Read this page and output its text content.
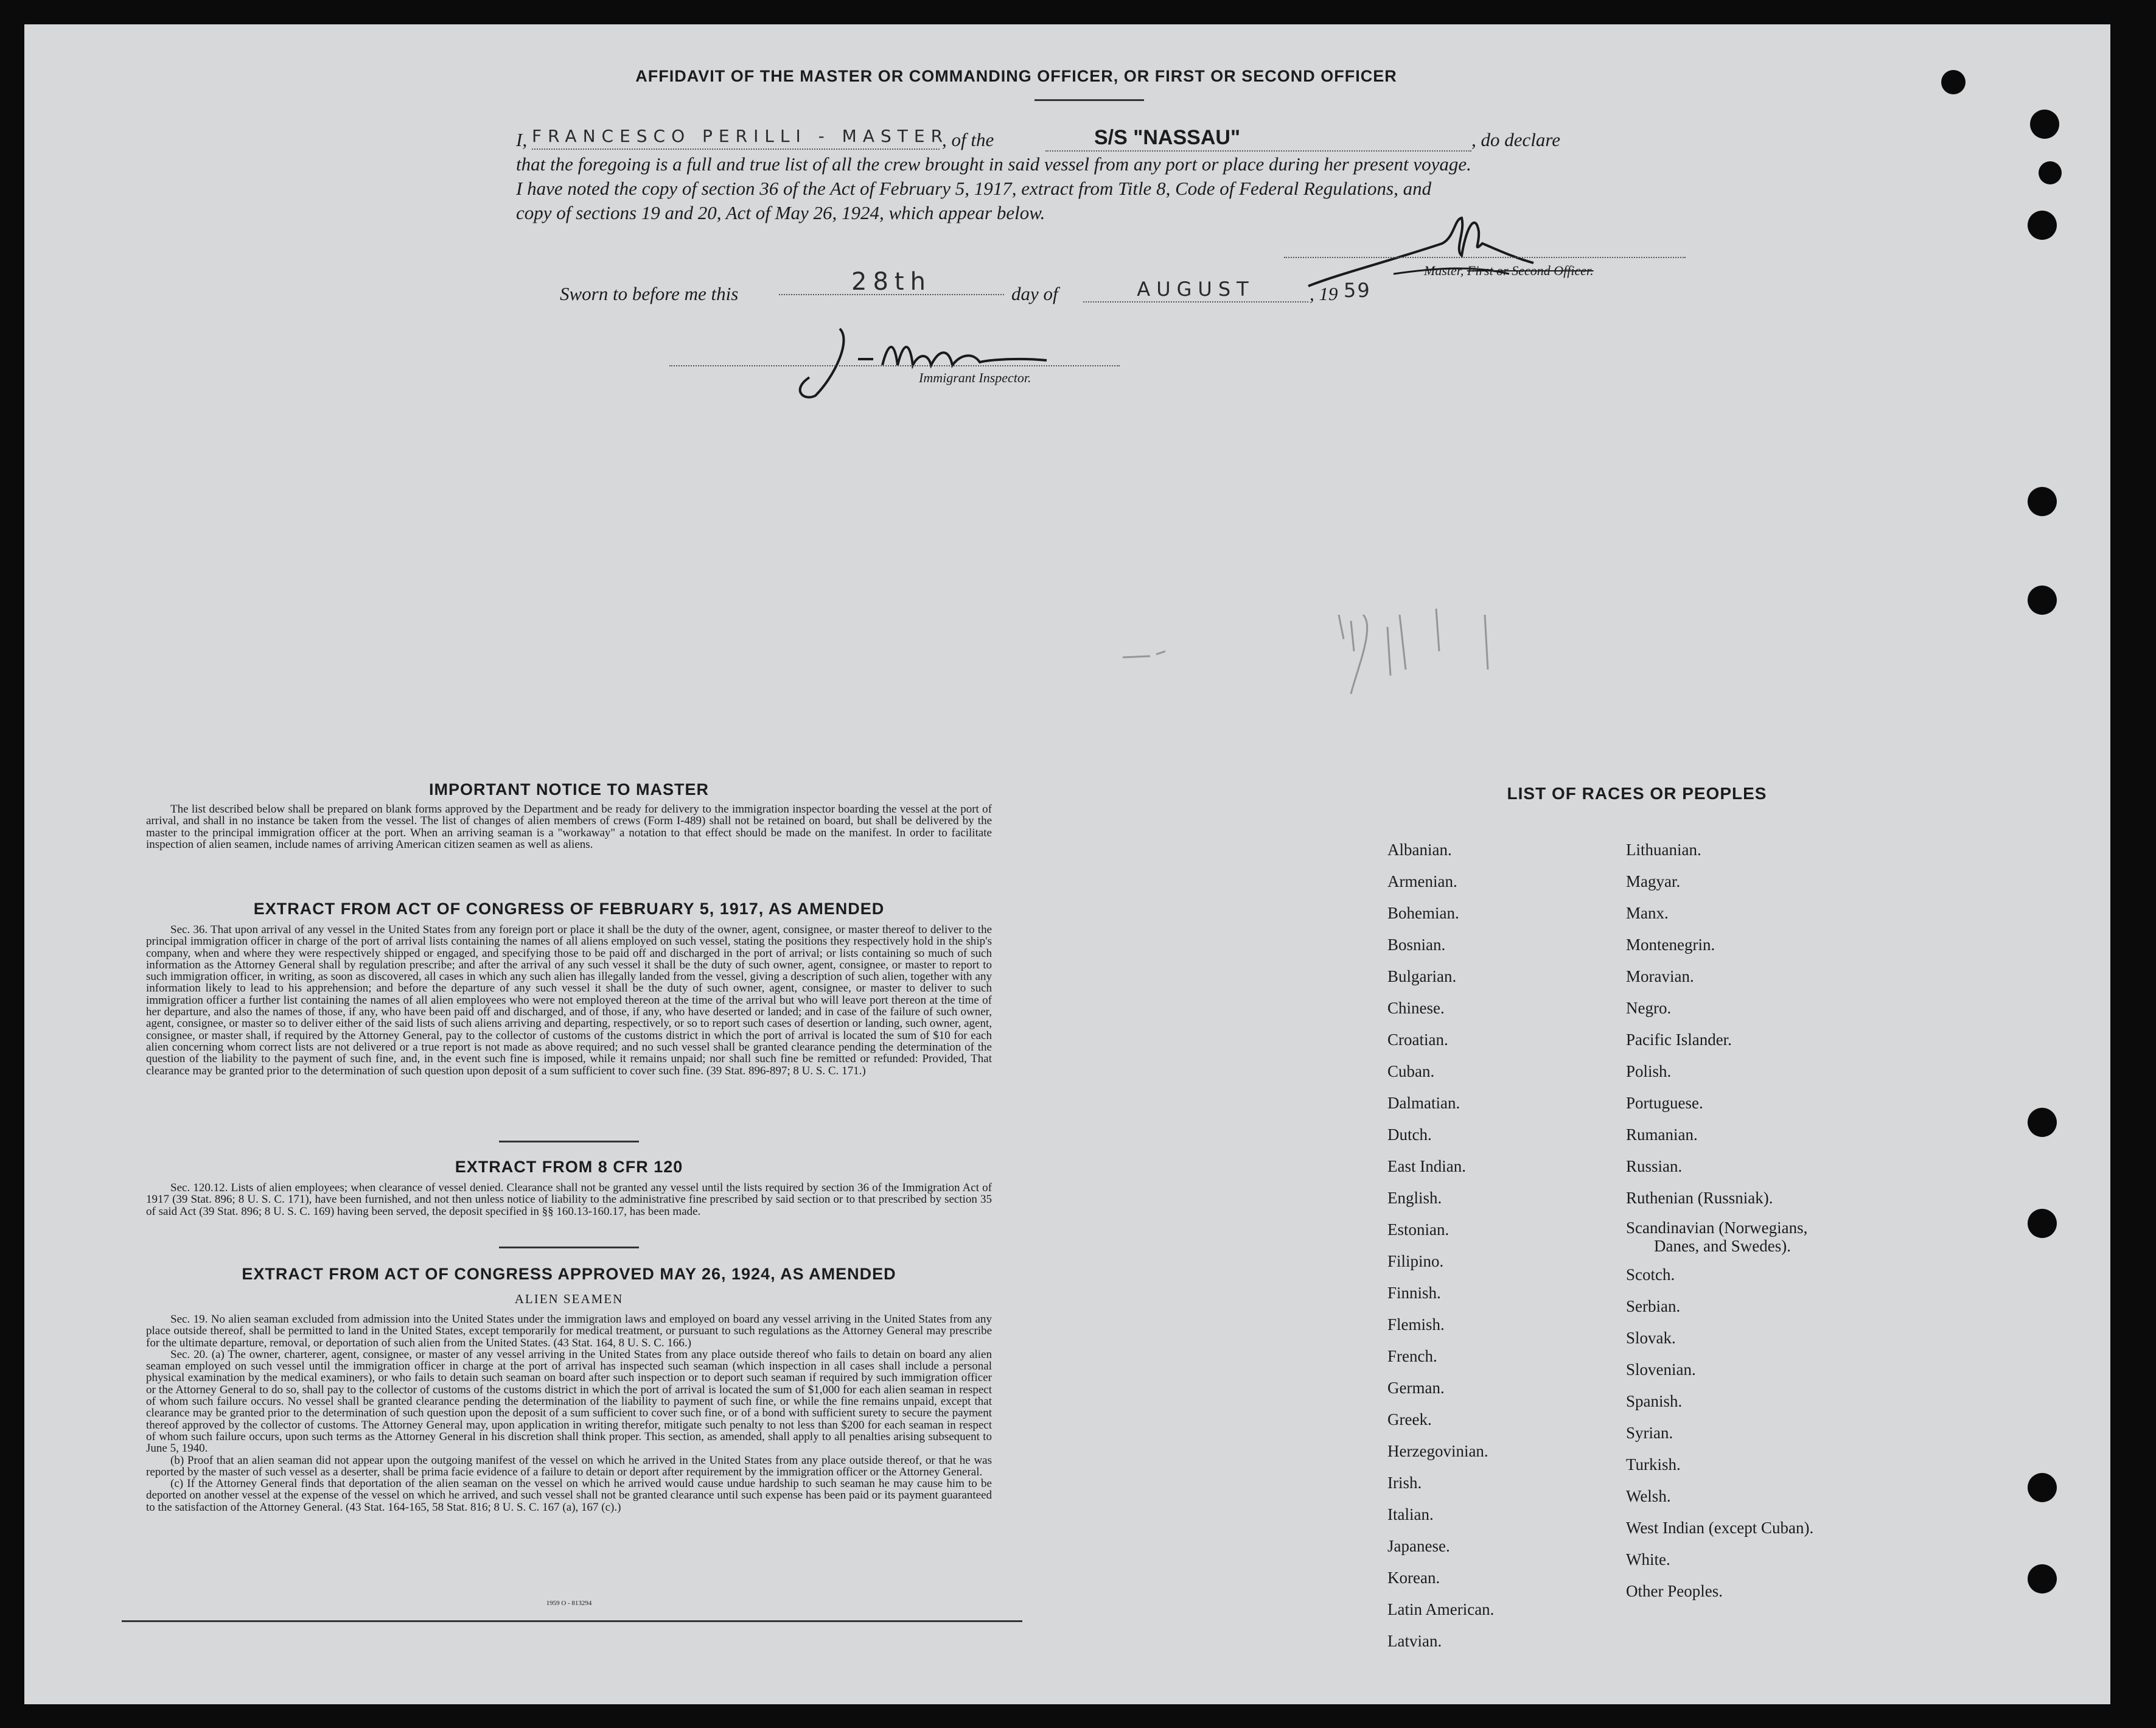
AFFIDAVIT OF THE MASTER OR COMMANDING OFFICER, OR FIRST OR SECOND OFFICER
I, FRANCESCO PERILLI - MASTER
, of the	S/S "NASSAU"	, do declare
that the foregoing is a full and true list of all the crew brought in said vessel from any port or place during her present voyage.
I have noted the copy of section 36 of the Act of February 5, 1917, extract from Title 8, Code of Federal Regulations, and
copy of sections 19 and 20, Act of May 26, 1924, which appear below.
Master, First or Second Officer.
Sworn to before me this	28th	day of	AUGUST	, 19 59
Immigrant Inspector.
IMPORTANT NOTICE TO MASTER
The list described below shall be prepared on blank forms approved by the Department and be ready for delivery to the immigration inspector boarding the vessel at the port of arrival, and shall in no instance be taken from the vessel. The list of changes of alien members of crews (Form I-489) shall not be retained on board, but shall be delivered by the master to the principal immigration officer at the port. When an arriving seaman is a "workaway" a notation to that effect should be made on the manifest. In order to facilitate inspection of alien seamen, include names of arriving American citizen seamen as well as aliens.
EXTRACT FROM ACT OF CONGRESS OF FEBRUARY 5, 1917, AS AMENDED
Sec. 36. That upon arrival of any vessel in the United States from any foreign port or place it shall be the duty of the owner, agent, consignee, or master thereof to deliver to the principal immigration officer in charge of the port of arrival lists containing the names of all aliens employed on such vessel, stating the positions they respectively hold in the ship's company, when and where they were respectively shipped or engaged, and specifying those to be paid off and discharged in the port of arrival; or lists containing so much of such information as the Attorney General shall by regulation prescribe; and after the arrival of any such vessel it shall be the duty of such owner, agent, consignee, or master to report to such immigration officer, in writing, as soon as discovered, all cases in which any such alien has illegally landed from the vessel, giving a description of such alien, together with any information likely to lead to his apprehension; and before the departure of any such vessel it shall be the duty of such owner, agent, consignee, or master to deliver to such immigration officer a further list containing the names of all alien employees who were not employed thereon at the time of the arrival but who will leave port thereon at the time of her departure, and also the names of those, if any, who have been paid off and discharged, and of those, if any, who have deserted or landed; and in case of the failure of such owner, agent, consignee, or master so to deliver either of the said lists of such aliens arriving and departing, respectively, or so to report such cases of desertion or landing, such owner, agent, consignee, or master shall, if required by the Attorney General, pay to the collector of customs of the customs district in which the port of arrival is located the sum of $10 for each alien concerning whom correct lists are not delivered or a true report is not made as above required; and no such vessel shall be granted clearance pending the determination of the question of the liability to the payment of such fine, and, in the event such fine is imposed, while it remains unpaid; nor shall such fine be remitted or refunded: Provided, That clearance may be granted prior to the determination of such question upon deposit of a sum sufficient to cover such fine. (39 Stat. 896-897; 8 U. S. C. 171.)
EXTRACT FROM 8 CFR 120
Sec. 120.12. Lists of alien employees; when clearance of vessel denied. Clearance shall not be granted any vessel until the lists required by section 36 of the Immigration Act of 1917 (39 Stat. 896; 8 U. S. C. 171), have been furnished, and not then unless notice of liability to the administrative fine prescribed by said section or to that prescribed by section 35 of said Act (39 Stat. 896; 8 U. S. C. 169) having been served, the deposit specified in §§ 160.13-160.17, has been made.
EXTRACT FROM ACT OF CONGRESS APPROVED MAY 26, 1924, AS AMENDED
ALIEN SEAMEN
Sec. 19. No alien seaman excluded from admission into the United States under the immigration laws and employed on board any vessel arriving in the United States from any place outside thereof, shall be permitted to land in the United States, except temporarily for medical treatment, or pursuant to such regulations as the Attorney General may prescribe for the ultimate departure, removal, or deportation of such alien from the United States. (43 Stat. 164, 8 U. S. C. 166.)
Sec. 20. (a) The owner, charterer, agent, consignee, or master of any vessel arriving in the United States from any place outside thereof who fails to detain on board any alien seaman employed on such vessel until the immigration officer in charge at the port of arrival has inspected such seaman (which inspection in all cases shall include a personal physical examination by the medical examiners), or who fails to detain such seaman on board after such inspection or to deport such seaman if required by such immigration officer or the Attorney General to do so, shall pay to the collector of customs of the customs district in which the port of arrival is located the sum of $1,000 for each alien seaman in respect of whom such failure occurs. No vessel shall be granted clearance pending the determination of the liability to payment of such fine, or while the fine remains unpaid, except that clearance may be granted prior to the determination of such question upon the deposit of a sum sufficient to cover such fine, or of a bond with sufficient surety to secure the payment thereof approved by the collector of customs. The Attorney General may, upon application in writing therefor, mitigate such penalty to not less than $200 for each seaman in respect of whom such failure occurs, upon such terms as the Attorney General in his discretion shall think proper. This section, as amended, shall apply to all penalties arising subsequent to June 5, 1940.
(b) Proof that an alien seaman did not appear upon the outgoing manifest of the vessel on which he arrived in the United States from any place outside thereof, or that he was reported by the master of such vessel as a deserter, shall be prima facie evidence of a failure to detain or deport after requirement by the immigration officer or the Attorney General.
(c) If the Attorney General finds that deportation of the alien seaman on the vessel on which he arrived would cause undue hardship to such seaman he may cause him to be deported on another vessel at the expense of the vessel on which he arrived, and such vessel shall not be granted clearance until such expense has been paid or its payment guaranteed to the satisfaction of the Attorney General. (43 Stat. 164-165, 58 Stat. 816; 8 U. S. C. 167 (a), 167 (c).)
1959 O - 813294
LIST OF RACES OR PEOPLES
Albanian.
Armenian.
Bohemian.
Bosnian.
Bulgarian.
Chinese.
Croatian.
Cuban.
Dalmatian.
Dutch.
East Indian.
English.
Estonian.
Filipino.
Finnish.
Flemish.
French.
German.
Greek.
Herzegovinian.
Irish.
Italian.
Japanese.
Korean.
Latin American.
Latvian.
Lithuanian.
Magyar.
Manx.
Montenegrin.
Moravian.
Negro.
Pacific Islander.
Polish.
Portuguese.
Rumanian.
Russian.
Ruthenian (Russniak).
Scandinavian (Norwegians,
Danes, and Swedes).
Scotch.
Serbian.
Slovak.
Slovenian.
Spanish.
Syrian.
Turkish.
Welsh.
West Indian (except Cuban).
White.
Other Peoples.
